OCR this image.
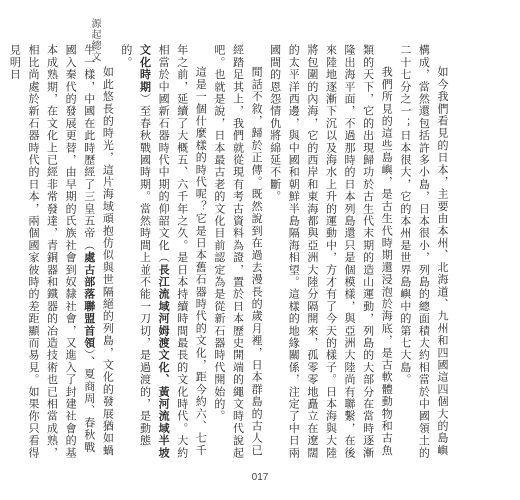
源起總文

如今我們看見的日本，主要由本州、北海道、九州和四國這四個大的島嶼構成，當然還包括許多小島，日本很小，列島的總面積大約相當於中國領土的二十七分之一；日本很大，它的本州是世界島嶼中的第七大島。

我們所見的這些島嶼，是古生代時期還浸泡於海底，是古軟體動物和古魚類的天下，它的出現歸功於古生代末期的造山運動，列島的大部分在當時逐漸隆出海平面，不過那時的日本列島還只是個模樣，與亞洲大陸尚有聯繫，在後來陸地逐漸下沉以及海水上升的運動中，方才有了今天的樣子。日本海與大陸將包圍的內海，它的西岸和東海都與亞洲大陸分隔開來，孤零零地矗立在遼闊的太平洋西邊，與中國和朝鮮半島隔海相望。這樣的地緣關係，注定了中日兩國間的恩怨情仇將綿延不斷。

閒話不敘，歸於正傳。既然說到在過去漫長的歲月裡，日本群島的古人已經踏足其上，我們就從現有考古資料為證，置於日本歷史開端的繩文時代說起吧。也就是說，日本最古老的文化目前認定為是從新石器時代開始的。

這是一個什麼樣的時代呢？它是日本舊石器時代的文化，距今約六、七千年之前，延續了大概五、六千年之久。是日本持續時間最長的文化時代。大約相當於中國新石器時代中期的仰韶文化（長江流域河姆渡文化、黃河流域半坡文化時期）至春秋戰國時期。當然時間上並不能一刀切，是過渡的，是動態的。

如此悠長的時光，這片海域頑抱仿似與世隔絕的列島，文化的發展猶如蝸牛一樣，中國在此時歷經了三皇五帝（處古部落聯盟首領）、夏商周、春秋戰國入秦代的發展更替，由早期的氏族社會到奴隸社會，又進入了封建社會的基本成熟期，在文化上已經非常發達，青銅器和鐵器的冶造技術也已相當成熟，相比尚處於新石器時代的日本，兩個國家彼時的差距顯而易見。如果你只看得見明日

017
